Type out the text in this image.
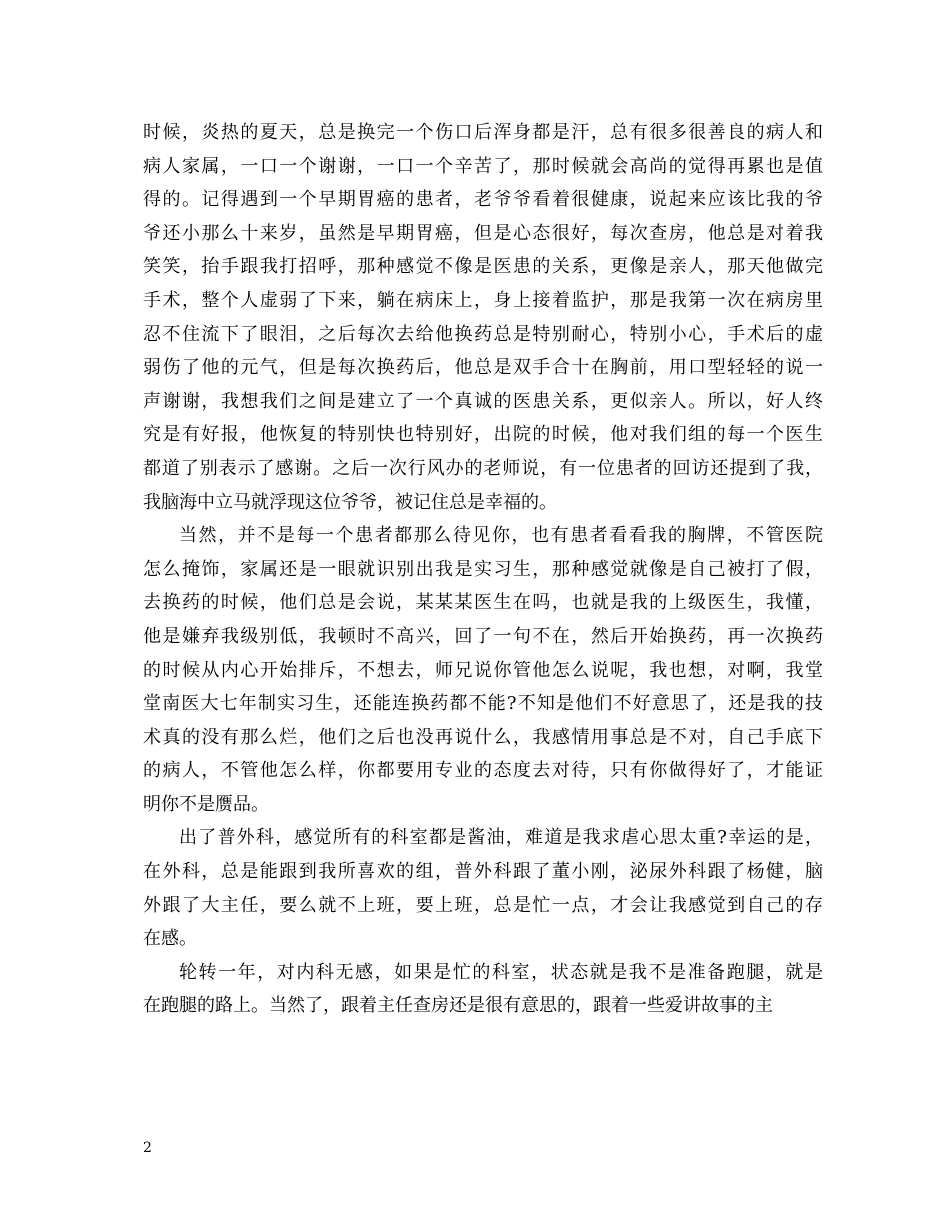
时候，炎热的夏天，总是换完一个伤口后浑身都是汗，总有很多很善良的病人和
病人家属，一口一个谢谢，一口一个辛苦了，那时候就会高尚的觉得再累也是值
得的。记得遇到一个早期胃癌的患者，老爷爷看着很健康，说起来应该比我的爷
爷还小那么十来岁，虽然是早期胃癌，但是心态很好，每次查房，他总是对着我
笑笑，抬手跟我打招呼，那种感觉不像是医患的关系，更像是亲人，那天他做完
手术，整个人虚弱了下来，躺在病床上，身上接着监护，那是我第一次在病房里
忍不住流下了眼泪，之后每次去给他换药总是特别耐心，特别小心，手术后的虚
弱伤了他的元气，但是每次换药后，他总是双手合十在胸前，用口型轻轻的说一
声谢谢，我想我们之间是建立了一个真诚的医患关系，更似亲人。所以，好人终
究是有好报，他恢复的特别快也特别好，出院的时候，他对我们组的每一个医生
都道了别表示了感谢。之后一次行风办的老师说，有一位患者的回访还提到了我，
我脑海中立马就浮现这位爷爷，被记住总是幸福的。
当然，并不是每一个患者都那么待见你，也有患者看看我的胸牌，不管医院
怎么掩饰，家属还是一眼就识别出我是实习生，那种感觉就像是自己被打了假，
去换药的时候，他们总是会说，某某某医生在吗，也就是我的上级医生，我懂，
他是嫌弃我级别低，我顿时不高兴，回了一句不在，然后开始换药，再一次换药
的时候从内心开始排斥，不想去，师兄说你管他怎么说呢，我也想，对啊，我堂
堂南医大七年制实习生，还能连换药都不能?不知是他们不好意思了，还是我的技
术真的没有那么烂，他们之后也没再说什么，我感情用事总是不对，自己手底下
的病人，不管他怎么样，你都要用专业的态度去对待，只有你做得好了，才能证
明你不是赝品。
出了普外科，感觉所有的科室都是酱油，难道是我求虐心思太重?幸运的是，
在外科，总是能跟到我所喜欢的组，普外科跟了董小刚，泌尿外科跟了杨健，脑
外跟了大主任，要么就不上班，要上班，总是忙一点，才会让我感觉到自己的存
在感。
轮转一年，对内科无感，如果是忙的科室，状态就是我不是准备跑腿，就是
在跑腿的路上。当然了，跟着主任查房还是很有意思的，跟着一些爱讲故事的主
2
